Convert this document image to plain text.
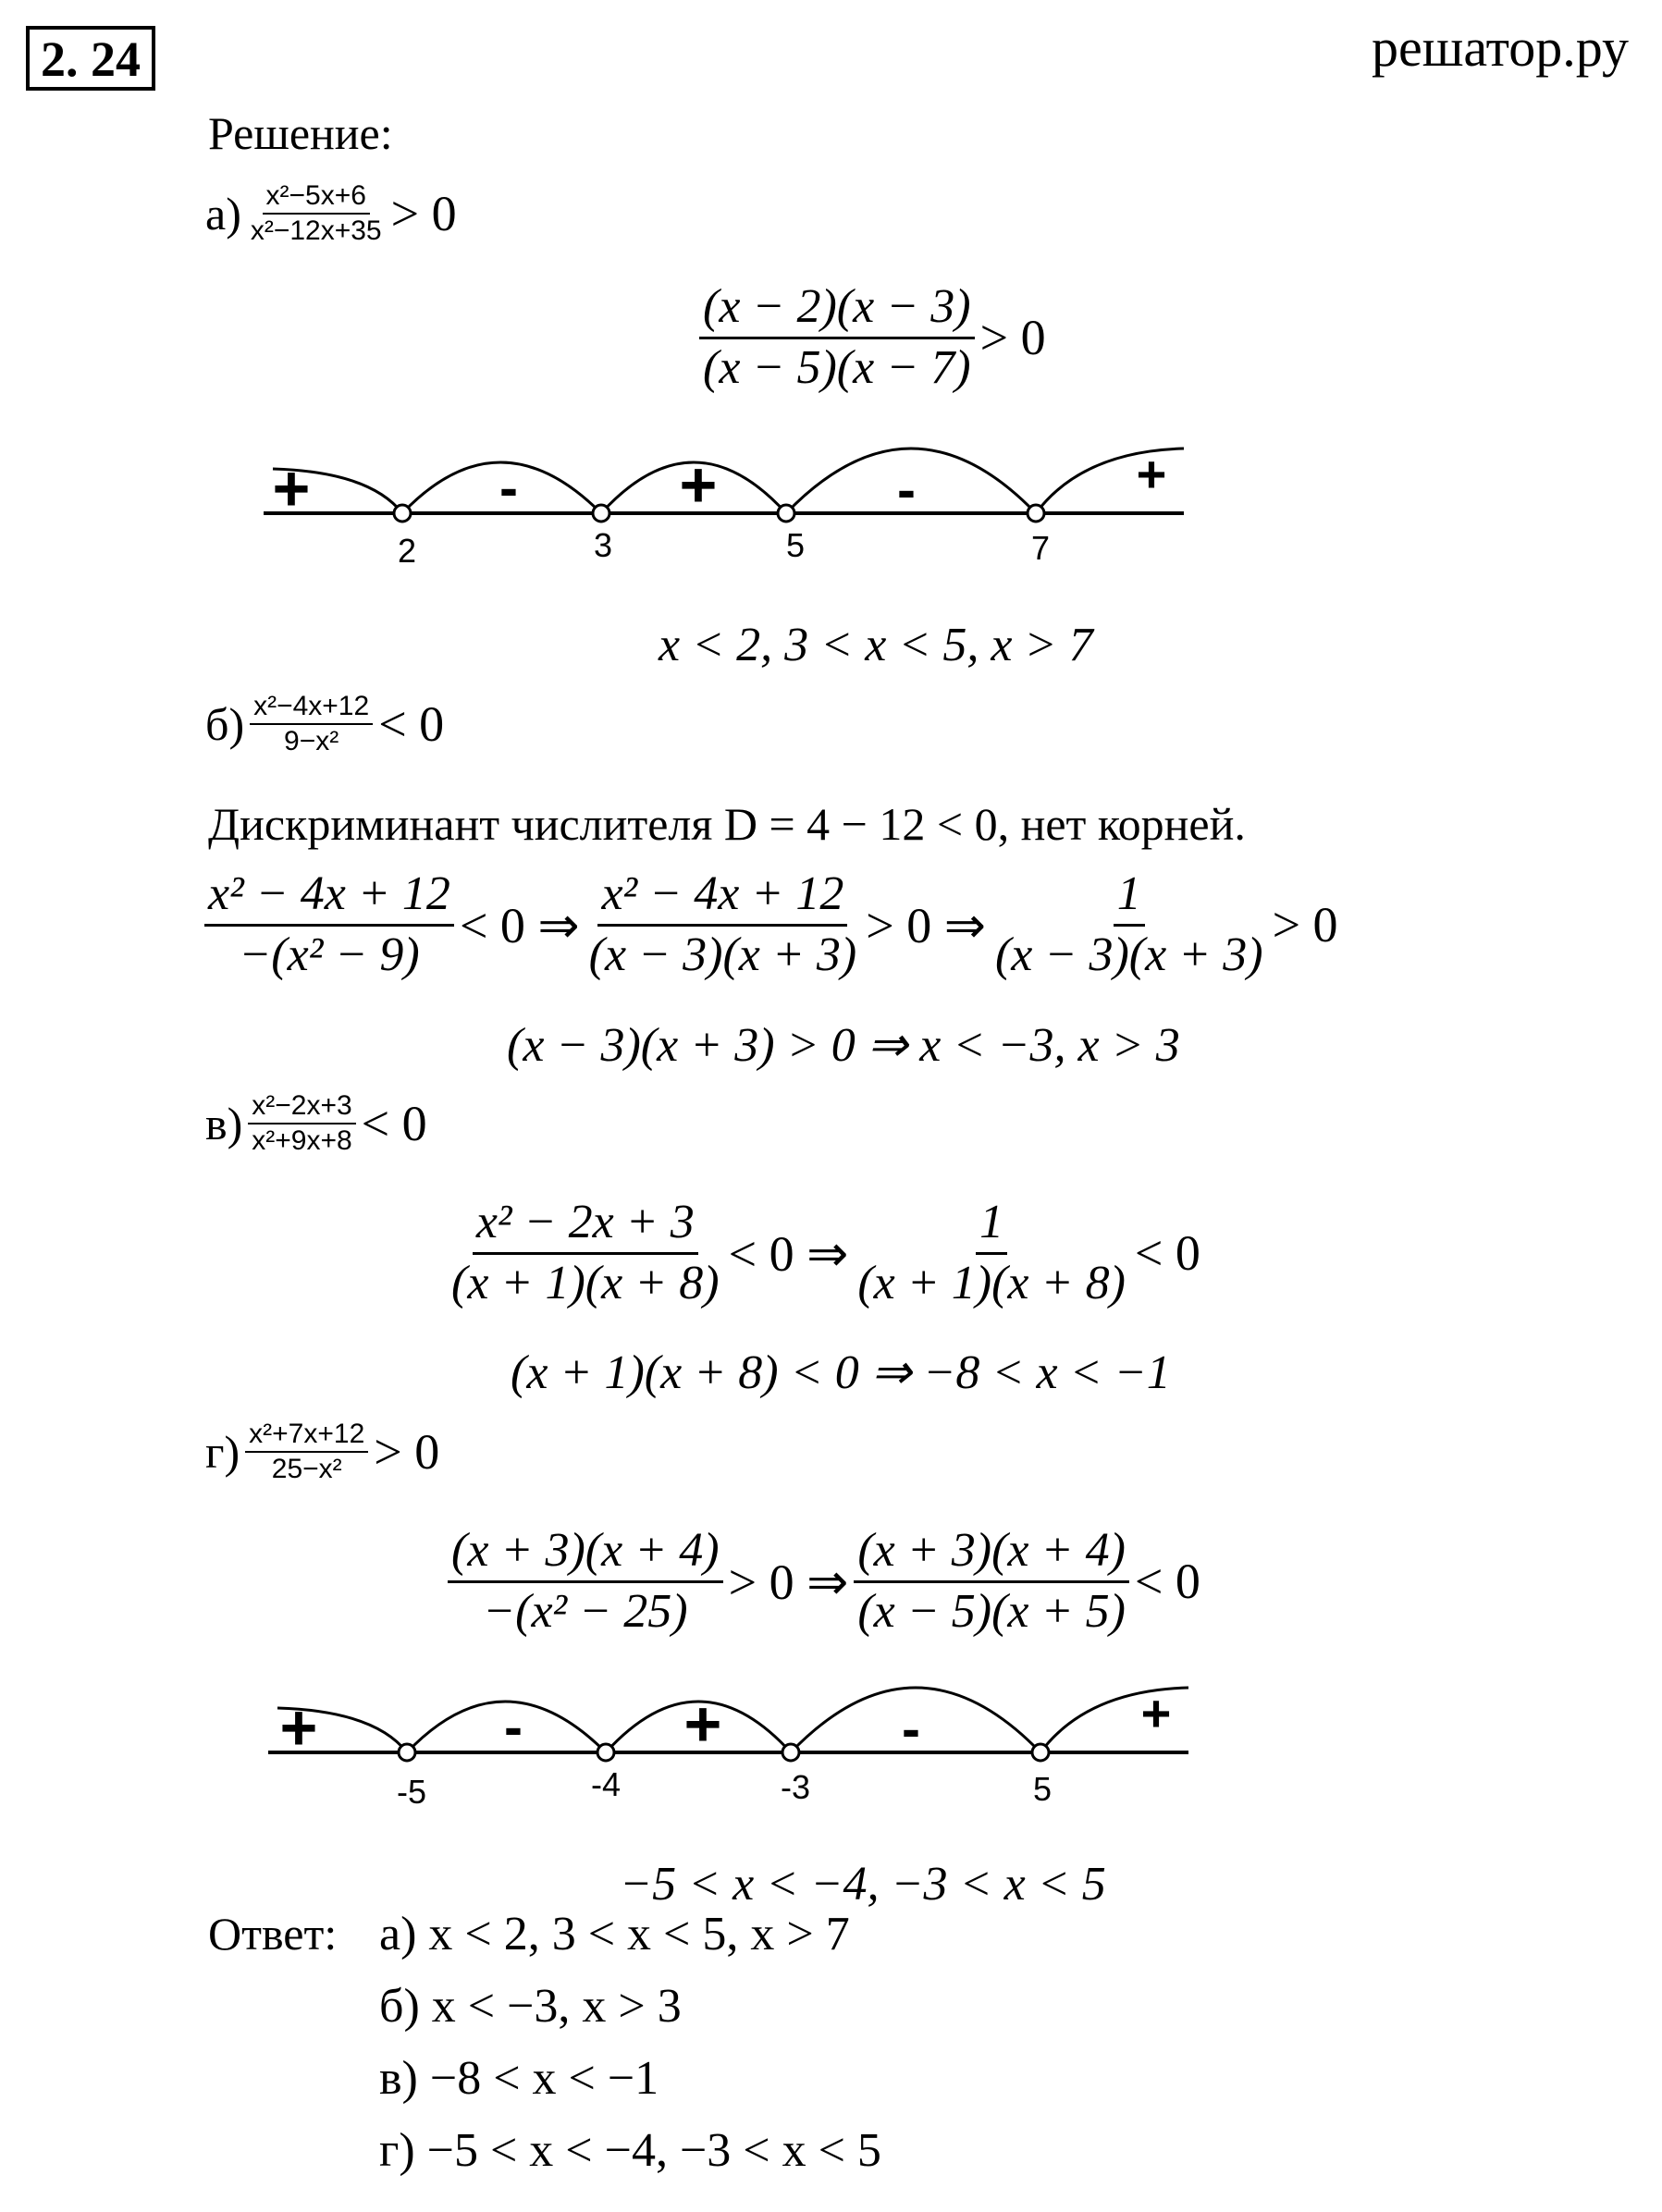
2. 24	решатор.ру
Решение:
$а) \frac{\text{x²−5x+6}}{\text{x²−12x+35}} > 0$
$\frac{(x - 2)(x - 3)}{(x - 5)(x - 7)} > 0$
2	3	5	7
+	- +	-	+
x < 2, 3 < x < 5, x > 7
$б) \frac{\text{x²−4x+12}}{\text{9−x²}} < 0$
Дискриминант числителя D = 4 − 12 < 0, нет корней.
$\frac{\text{x² − 4x + 12}}{\text{−(x² − 9)}} < 0$ ⇒ $\frac{\text{x² − 4x + 12}}{(x - 3)(x + 3)} > 0$ ⇒ $\frac{1}{(x - 3)(x + 3)} > 0$
(x − 3)(x + 3) > 0 ⇒ x < −3, x > 3
$в) \frac{\text{x²−2x+3}}{\text{x²+9x+8}} < 0$
$\frac{\text{x² − 2x + 3}}{(x + 1)(x + 8)} < 0$ ⇒ $\frac{1}{(x + 1)(x + 8)} < 0$
(x + 1)(x + 8) < 0 ⇒ −8 < x < −1
$г) \frac{\text{x²+7x+12}}{\text{25−x²}} > 0$
$\frac{(x + 3)(x + 4)}{\text{−(x² − 25)}} > 0$ ⇒ $\frac{(x + 3)(x + 4)}{(x - 5)(x + 5)} < 0$
-5	-4	-3	5
+	- +	-	+
−5 < x < −4, −3 < x < 5
Ответ: а) x < 2, 3 < x < 5, x > 7
б) x < −3, x > 3
в) −8 < x < −1
г) −5 < x < −4, −3 < x < 5
